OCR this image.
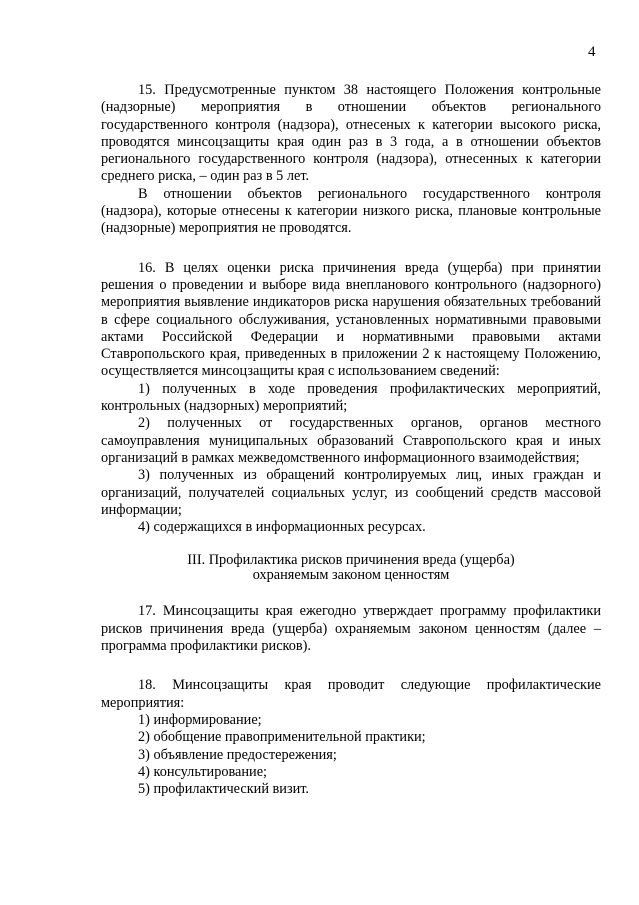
4

15. Предусмотренные пунктом 38 настоящего Положения контрольные (надзорные) мероприятия в отношении объектов регионального государственного контроля (надзора), отнесеных к категории высокого риска, проводятся минсоцзащиты края один раз в 3 года, а в отношении объектов регионального государственного контроля (надзора), отнесенных к категории среднего риска, – один раз в 5 лет.

В отношении объектов регионального государственного контроля (надзора), которые отнесены к категории низкого риска, плановые контрольные (надзорные) мероприятия не проводятся.

16. В целях оценки риска причинения вреда (ущерба) при принятии решения о проведении и выборе вида внепланового контрольного (надзорного) мероприятия выявление индикаторов риска нарушения обязательных требований в сфере социального обслуживания, установленных нормативными правовыми актами Российской Федерации и нормативными правовыми актами Ставропольского края, приведенных в приложении 2 к настоящему Положению, осуществляется минсоцзащиты края с использованием сведений:

1) полученных в ходе проведения профилактических мероприятий, контрольных (надзорных) мероприятий;

2) полученных от государственных органов, органов местного самоуправления муниципальных образований Ставропольского края и иных организаций в рамках межведомственного информационного взаимодействия;

3) полученных из обращений контролируемых лиц, иных граждан и организаций, получателей социальных услуг, из сообщений средств массовой информации;

4) содержащихся в информационных ресурсах.

III. Профилактика рисков причинения вреда (ущерба)
охраняемым законом ценностям

17. Минсоцзащиты края ежегодно утверждает программу профилактики рисков причинения вреда (ущерба) охраняемым законом ценностям (далее – программа профилактики рисков).

18. Минсоцзащиты края проводит следующие профилактические мероприятия:

1) информирование;

2) обобщение правоприменительной практики;

3) объявление предостережения;

4) консультирование;

5) профилактический визит.
